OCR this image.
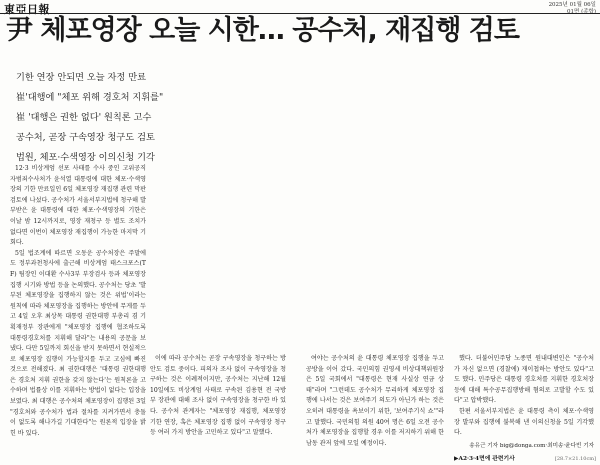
東亞日報	2025년 01월 06일
01면 (종합)
尹 체포영장 오늘 시한… 공수처, 재집행 검토
기한 연장 안되면 오늘 자정 만료
崔'대행에 "체포 위해 경호처 지휘를"
崔 '대행은 권한 없다' 원칙론 고수
공수처, 곧장 구속영장 청구도 검토
법원, 체포·수색영장 이의신청 기각

12·3 비상계엄 선포 사태를 수사 중인 고위공직자범죄수사처가 윤석열 대통령에 대한 체포·수색영장의 기한 만료일인 6일 체포영장 재집행 관련 막판 검토에 나섰다. 공수처가 서울서부지법에 청구해 발부받은 윤 대통령에 대한 체포·수색영장의 기한은 이날 밤 12시까지로, 영장 재청구 등 별도 조치가 없다면 이번이 체포영장 재집행이 가능한 마지막 기회다.

5일 법조계에 따르면 오동운 공수처장은 주말에도 정부과천청사에 출근해 비상계엄 태스크포스(TF) 팀장인 이대환 수사3부 부장검사 등과 체포영장 집행 시기와 방법 등을 논의했다. 공수처는 당초 '발부된 체포영장을 집행하지 않는 것은 위법'이라는 원칙에 따라 체포영장을 집행하는 방안에 무게를 두고 4일 오후 최상목 대통령 권한대행 부총리 겸 기획재정부 장관에게 "체포영장 집행에 협조하도록 대통령경호처를 지휘해 달라"는 내용의 공문을 보냈다. 다만 5일까지 회신을 받지 못하면서 현실적으로 체포영장 집행이 가능할지를 두고 고심에 빠진 것으로 전해졌다. 최 권한대행은 '대통령 권한대행은 경호처 지휘 권한을 갖지 않는다'는 원칙론을 고수하며 법률상 이를 지휘하는 방법이 없다는 입장을 보였다. 최 대행은 공수처의 체포영장이 집행된 3일 "경호처와 공수처가 법과 절차를 지켜가면서 충돌이 없도록 해나가길 기대한다"는 원론적 입장을 밝힌 바 있다.

이에 따라 공수처는 곧장 구속영장을 청구하는 방안도 검토 중이다. 피의자 조사 없이 구속영장을 청구하는 것은 이례적이지만, 공수처는 지난해 12월 10일에도 비상계엄 사태로 구속된 김용현 전 국방부 장관에 대해 조사 없이 구속영장을 청구한 바 있다. 공수처 관계자는 "체포영장 재집행, 체포영장 기한 연장, 혹은 체포영장 집행 없이 구속영장 청구 등 여러 가지 방안을 고민하고 있다"고 말했다.

여야는 공수처의 윤 대통령 체포영장 집행을 두고 공방을 이어 갔다. 국민의힘 권영세 비상대책위원장은 5일 국회에서 "대통령은 현재 사실상 연금 상태"라며 "그런데도 공수처가 무리하게 체포영장 집행에 나서는 것은 보여주기 의도가 아닌가 하는 것은 오히려 대통령을 욕보이기 위한, '보여주기식 쇼'"라고 말했다. 국민의힘 의원 40여 명은 6일 오전 공수처가 체포영장을 집행할 경우 이를 저지하기 위해 한남동 관저 앞에 모일 예정이다.

했다. 더불어민주당 노종면 원내대변인은 "공수처가 자신 없으면 (경찰에) 재이첩하는 방안도 있다"고도 했다. 민주당은 대통령 경호처를 지휘한 경호처장 등에 대해 특수공무집행방해 혐의로 고발할 수도 있다"고 압박했다.

한편 서울서부지법은 윤 대통령 측이 체포·수색영장 발부와 집행에 불복해 낸 이의신청을 5일 기각했다.

송유근 기자 big@donga.com·최미송·윤다빈 기자
▶A2·3·4면에 관련기사	[28.7×21.10cm]
